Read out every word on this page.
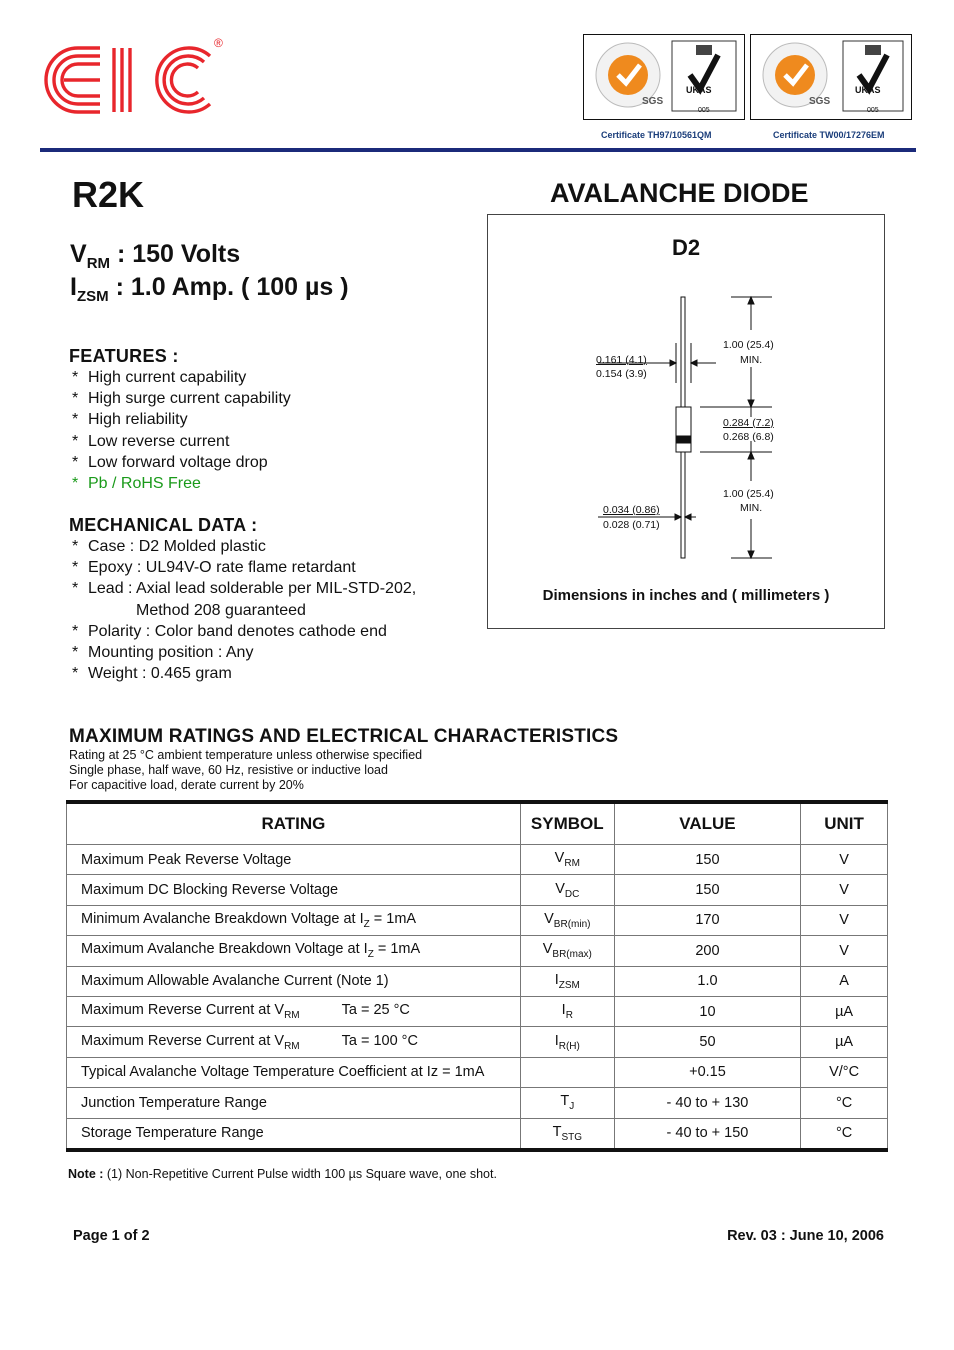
®
SGS
UKAS
005
SGS
UKAS
005
Certificate TH97/10561QM	Certificate TW00/17276EM
R2K	AVALANCHE DIODE
$V_{RM}$ : 150 Volts
$I_{ZSM}$ : 1.0 Amp. ( 100 µs )
FEATURES :
* High current capability
* High surge current capability
* High reliability
* Low reverse current
* Low forward voltage drop
* Pb / RoHS Free
MECHANICAL DATA :
* Case : D2 Molded plastic
* Epoxy : UL94V-O rate flame retardant
* Lead : Axial lead solderable per MIL-STD-202,
Method 208 guaranteed
* Polarity : Color band denotes cathode end
* Mounting position : Any
* Weight : 0.465 gram
D2
1.00 (25.4)
MIN.
0.161 (4.1)
0.154 (3.9)
0.284 (7.2)
0.268 (6.8)
1.00 (25.4)
MIN.
0.034 (0.86)
0.028 (0.71)
Dimensions in inches and ( millimeters )
MAXIMUM RATINGS AND ELECTRICAL CHARACTERISTICS
Rating at 25 °C ambient temperature unless otherwise specified
Single phase, half wave, 60 Hz, resistive or inductive load
For capacitive load, derate current by 20%
RATING	SYMBOL	VALUE	UNIT
Maximum Peak Reverse Voltage	$V_{RM}$	150	V
Maximum DC Blocking Reverse Voltage	$V_{DC}$	150	V
Minimum Avalanche Breakdown Voltage at $I_Z = 1mA$	$V_{BR(min)}$	170	V
Maximum Avalanche Breakdown Voltage at $I_Z = 1mA$	$V_{BR(max)}$	200	V
Maximum Allowable Avalanche Current (Note 1)	$I_{ZSM}$	1.0	A
Maximum Reverse Current at $V_{RM}$ Ta = 25 °C	$I_R$	10	µA
Maximum Reverse Current at $V_{RM}$ Ta = 100 °C	$I_{R(H)}$	50	µA
Typical Avalanche Voltage Temperature Coefficient at Iz = 1mA		+0.15	V/°C
Junction Temperature Range	$T_J$	- 40 to + 130	°C
Storage Temperature Range	$T_{STG}$	- 40 to + 150	°C
Note : (1) Non-Repetitive Current Pulse width 100 µs Square wave, one shot.
Page 1 of 2	Rev. 03 : June 10, 2006
